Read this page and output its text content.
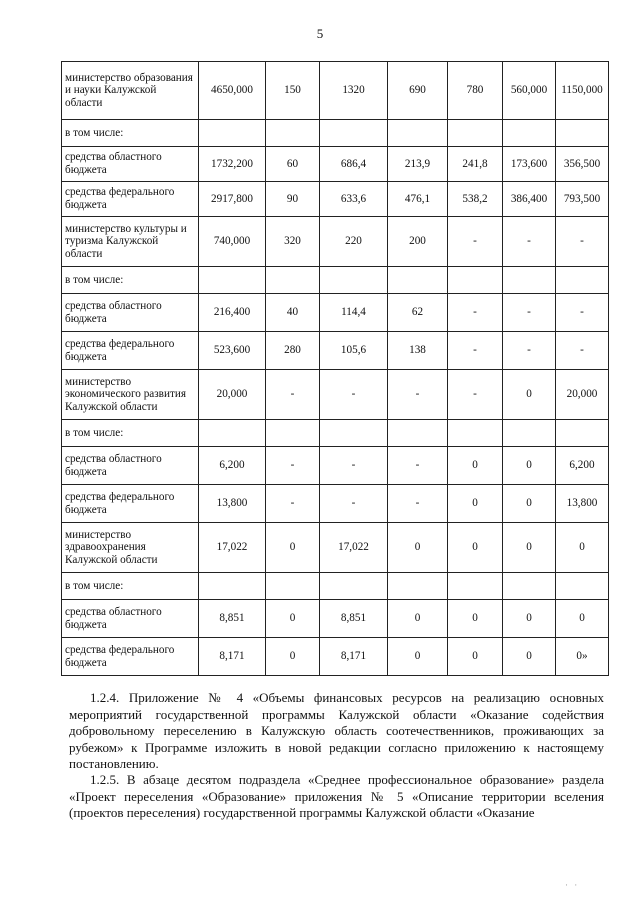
5
министерство образования и науки Калужской области	4650,000	150	1320	690	780	560,000	1150,000
в том числе:							
средства областного бюджета	1732,200	60	686,4	213,9	241,8	173,600	356,500
средства федерального бюджета	2917,800	90	633,6	476,1	538,2	386,400	793,500
министерство культуры и туризма Калужской области	740,000	320	220	200	-	-	-
в том числе:							
средства областного бюджета	216,400	40	114,4	62	-	-	-
средства федерального бюджета	523,600	280	105,6	138	-	-	-
министерство экономического развития Калужской области	20,000	-	-	-	-	0	20,000
в том числе:							
средства областного бюджета	6,200	-	-	-	0	0	6,200
средства федерального бюджета	13,800	-	-	-	0	0	13,800
министерство здравоохранения Калужской области	17,022	0	17,022	0	0	0	0
в том числе:							
средства областного бюджета	8,851	0	8,851	0	0	0	0
средства федерального бюджета	8,171	0	8,171	0	0	0	0»

1.2.4. Приложение № 4 «Объемы финансовых ресурсов на реализацию основных мероприятий государственной программы Калужской области «Оказание содействия добровольному переселению в Калужскую область соотечественников, проживающих за рубежом» к Программе изложить в новой редакции согласно приложению к настоящему постановлению.

1.2.5. В абзаце десятом подраздела «Среднее профессиональное образование» раздела «Проект переселения «Образование» приложения № 5 «Описание территории вселения (проектов переселения) государственной программы Калужской области «Оказание

· ·
